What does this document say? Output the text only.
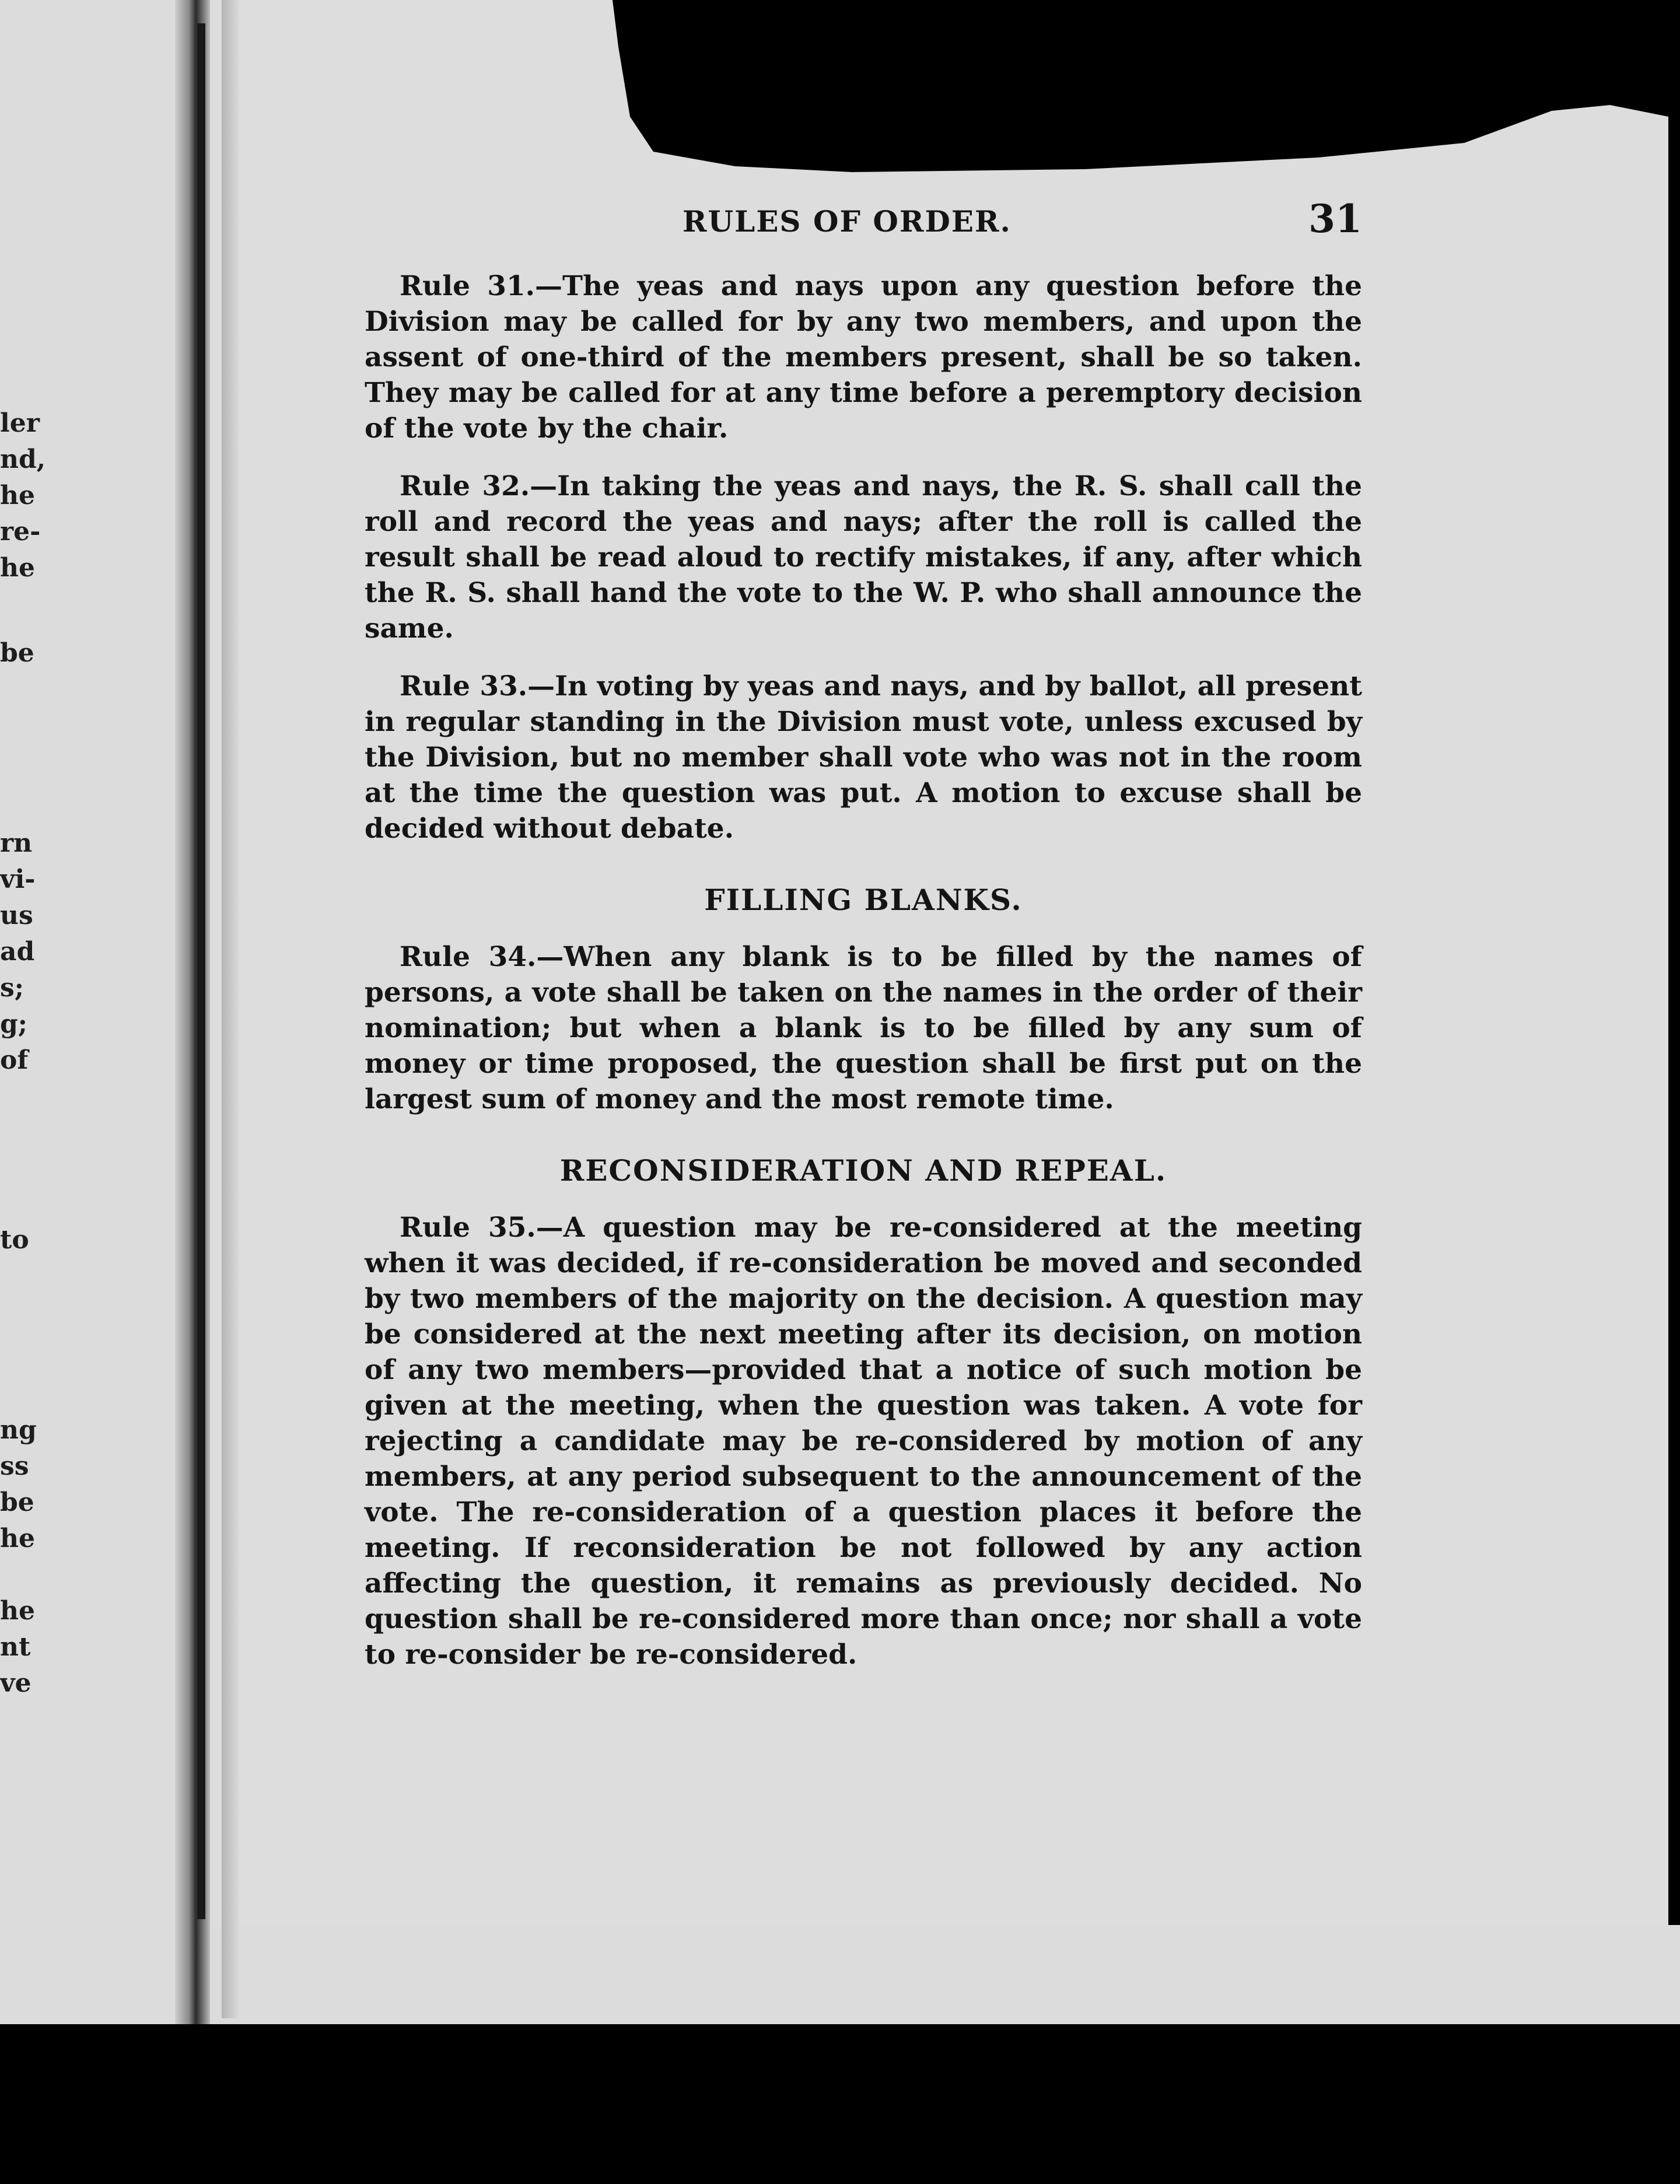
ler
nd,
he
re-
he
be
rn
vi-
us
ad
s;
g;
of
to
ng
ss
be
he
he
nt
ve
RULES OF ORDER.	31

Rule 31.—The yeas and nays upon any question before the Division may be called for by any two members, and upon the assent of one-third of the members present, shall be so taken. They may be called for at any time before a peremptory decision of the vote by the chair.

Rule 32.—In taking the yeas and nays, the R. S. shall call the roll and record the yeas and nays; after the roll is called the result shall be read aloud to rectify mistakes, if any, after which the R. S. shall hand the vote to the W. P. who shall announce the same.

Rule 33.—In voting by yeas and nays, and by ballot, all present in regular standing in the Division must vote, unless excused by the Division, but no member shall vote who was not in the room at the time the question was put. A motion to excuse shall be decided without debate.

FILLING BLANKS.

Rule 34.—When any blank is to be filled by the names of persons, a vote shall be taken on the names in the order of their nomination; but when a blank is to be filled by any sum of money or time proposed, the question shall be first put on the largest sum of money and the most remote time.

RECONSIDERATION AND REPEAL.

Rule 35.—A question may be re-considered at the meeting when it was decided, if re-consideration be moved and seconded by two members of the majority on the decision. A question may be considered at the next meeting after its decision, on motion of any two members—provided that a notice of such motion be given at the meeting, when the question was taken. A vote for rejecting a candidate may be re-considered by motion of any members, at any period subsequent to the announcement of the vote. The re-consideration of a question places it before the meeting. If reconsideration be not followed by any action affecting the question, it remains as previously decided. No question shall be re-considered more than once; nor shall a vote to re-consider be re-considered.
